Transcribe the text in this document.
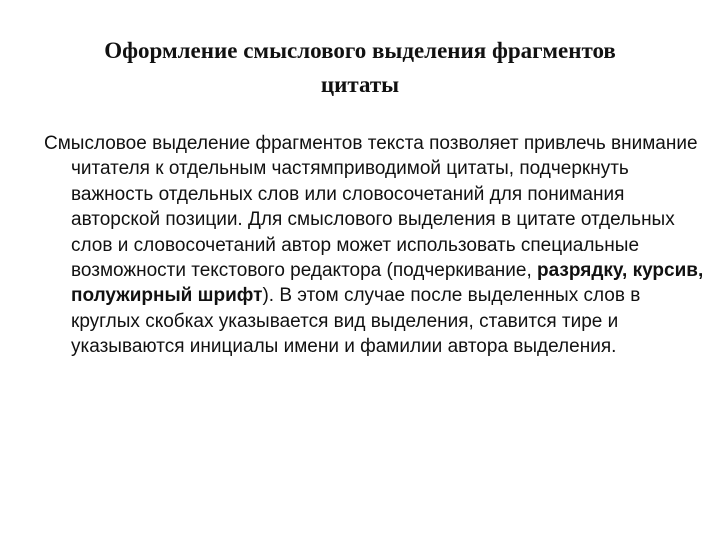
Оформление смыслового выделения фрагментов
цитаты

Смысловое выделение фрагментов текста позволяет привлечь внимание читателя к отдельным частямприводимой цитаты, подчеркнуть важность отдельных слов или словосочетаний для понимания авторской позиции. Для смыслового выделения в цитате отдельных слов и словосочетаний автор может использовать специальные возможности текстового редактора (подчеркивание, разрядку, курсив, полужирный шрифт). В этом случае после выделенных слов в круглых скобках указывается вид выделения, ставится тире и указываются инициалы имени и фамилии автора выделения.
